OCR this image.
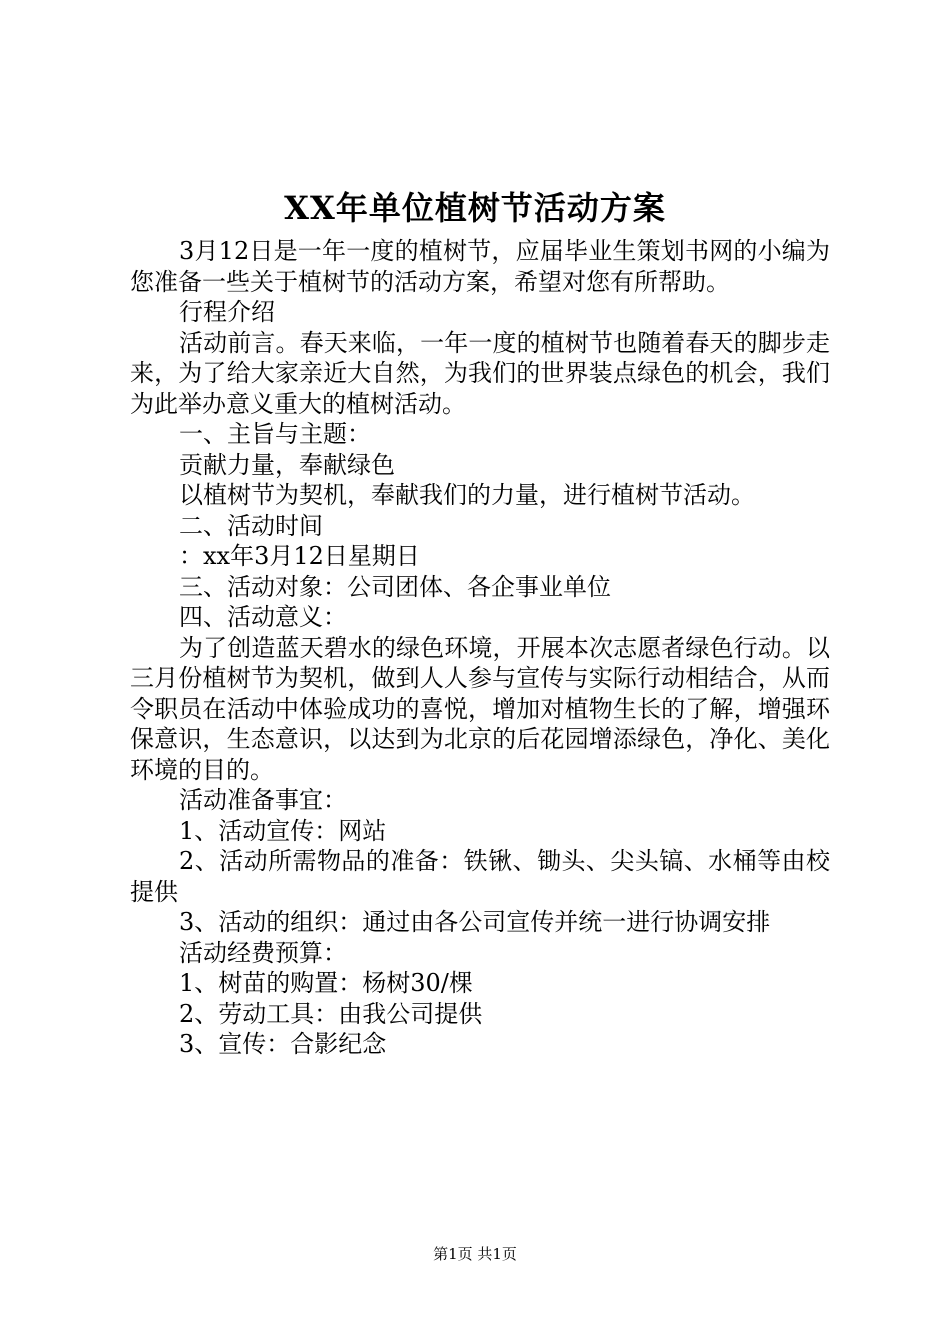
XX年单位植树节活动方案

3月12日是一年一度的植树节，应届毕业生策划书网的小编为您准备一些关于植树节的活动方案，希望对您有所帮助。

行程介绍

活动前言。春天来临，一年一度的植树节也随着春天的脚步走来，为了给大家亲近大自然，为我们的世界装点绿色的机会，我们为此举办意义重大的植树活动。

一、主旨与主题：

贡献力量，奉献绿色

以植树节为契机，奉献我们的力量，进行植树节活动。

二、活动时间

：xx年3月12日星期日

三、活动对象：公司团体、各企事业单位

四、活动意义：

为了创造蓝天碧水的绿色环境，开展本次志愿者绿色行动。以三月份植树节为契机，做到人人参与宣传与实际行动相结合，从而令职员在活动中体验成功的喜悦，增加对植物生长的了解，增强环保意识，生态意识，以达到为北京的后花园增添绿色，净化、美化环境的目的。

活动准备事宜：

1、活动宣传：网站

2、活动所需物品的准备：铁锹、锄头、尖头镐、水桶等由校提供

3、活动的组织：通过由各公司宣传并统一进行协调安排

活动经费预算：

1、树苗的购置：杨树30/棵

2、劳动工具：由我公司提供

3、宣传：合影纪念

第1页 共1页
